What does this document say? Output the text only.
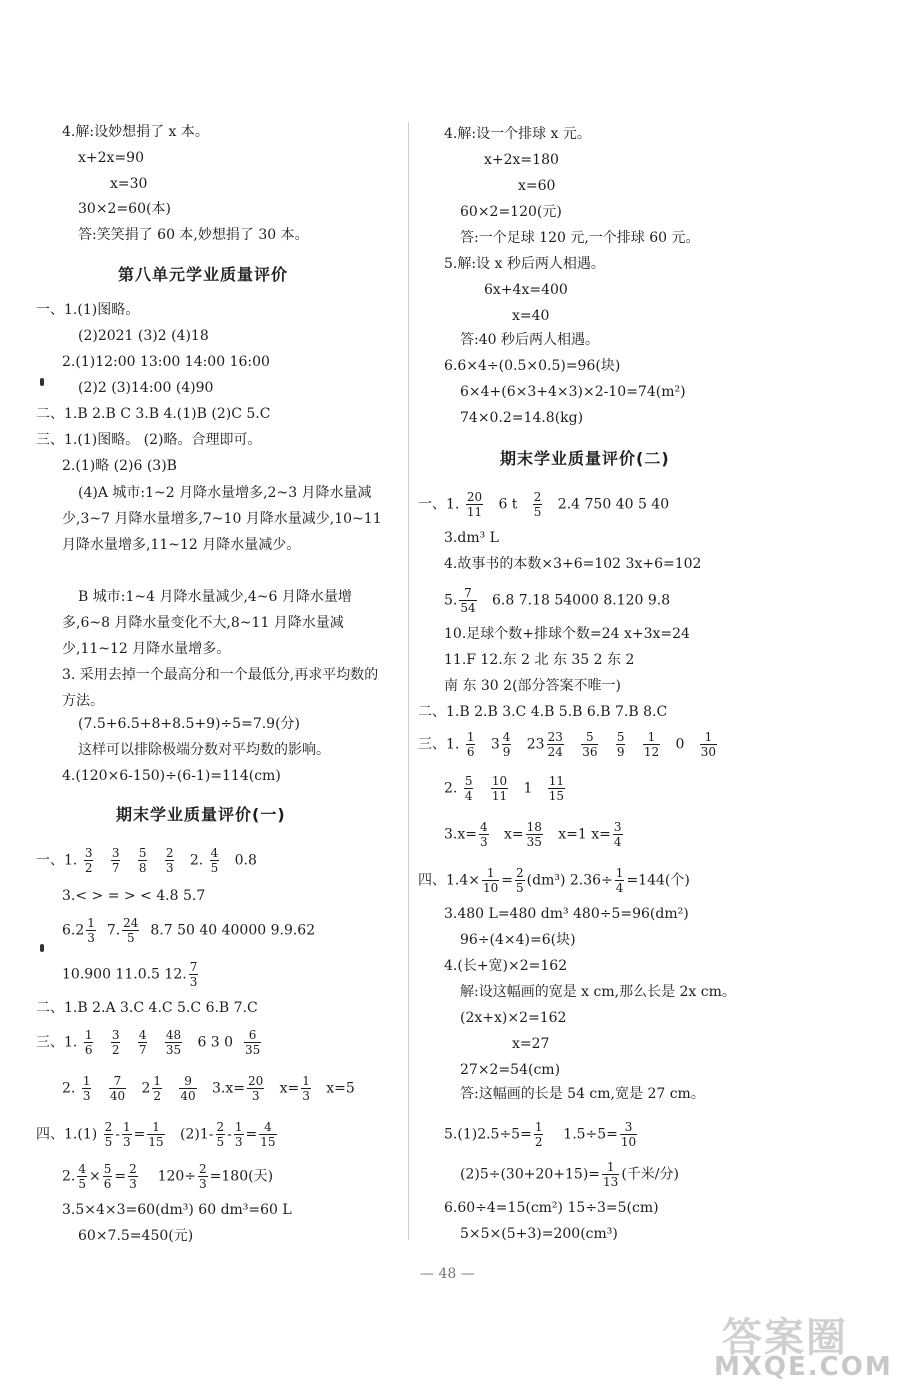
4.解:设妙想捐了 x 本。
x+2x=90
x=30
30×2=60(本)
答:笑笑捐了 60 本,妙想捐了 30 本。
第八单元学业质量评价
一、1.(1)图略。
(2)2021 (3)2 (4)18
2.(1)12:00 13:00 14:00 16:00
(2)2 (3)14:00 (4)90
二、1.B 2.B C 3.B 4.(1)B (2)C 5.C
三、1.(1)图略。 (2)略。合理即可。
2.(1)略 (2)6 (3)B
(4)A 城市:1~2 月降水量增多,2~3 月降水量减少,3~7 月降水量增多,7~10 月降水量减少,10~11 月降水量增多,11~12 月降水量减少。
B 城市:1~4 月降水量减少,4~6 月降水量增多,6~8 月降水量变化不大,8~11 月降水量减少,11~12 月降水量增多。
3. 采用去掉一个最高分和一个最低分,再求平均数的方法。
(7.5+6.5+8+8.5+9)÷5=7.9(分)
这样可以排除极端分数对平均数的影响。
4.(120×6-150)÷(6-1)=114(cm)
期末学业质量评价(一)
一、1. $\frac{3}{2}$
$\frac{3}{7}$
$\frac{5}{8}$
$\frac{2}{3} 2$. $\frac{4}{5} 0.8$
3.< > = > < 4.8 5.7
$6.2 \frac{1}{3} 7$. $\frac{24}{5} 8.7$ 50 40 40000 9.9.62
10.900 11.0.5 12. $\frac{7}{3}$
二、1.B 2.A 3.C 4.C 5.C 6.B 7.C
三、1. $\frac{1}{6}$
$\frac{3}{2}$
$\frac{4}{7}$
$\frac{48}{35} 6$ 3 $0 \frac{6}{35}$
2. $\frac{1}{3}$
$\frac{7}{40} 2 \frac{1}{2}$
$\frac{9}{40} 3.x= \frac{20}{3} x= \frac{1}{3} x=5$
四、$1.(1) \frac{2}{5} - \frac{1}{3} = \frac{1}{15} (2)1- \frac{2}{5} - \frac{1}{3} = \frac{4}{15}$
2. $\frac{4}{5} \times \frac{5}{6} = \frac{2}{3} 120\div \frac{2}{3} =180$(天)
3.5×4×3=60(dm³) 60 dm³=60 L
60×7.5=450(元)
4.解:设一个排球 x 元。
x+2x=180
x=60
60×2=120(元)
答:一个足球 120 元,一个排球 60 元。
5.解:设 x 秒后两人相遇。
6x+4x=400
x=40
答:40 秒后两人相遇。
6.6×4÷(0.5×0.5)=96(块)
6×4+(6×3+4×3)×2-10=74(m²)
74×0.2=14.8(kg)
期末学业质量评价(二)
一、1. $\frac{20}{11} 6$ t $\frac{2}{5} 2.4$ 750 40 5 40
3.dm³ L
4.故事书的本数×3+6=102 3x+6=102
5. $\frac{7}{54} 6.8$ 7.18 54000 8.120 9.8
10.足球个数+排球个数=24 x+3x=24
11.F 12.东 2 北 东 35 2 东 2
南 东 30 2(部分答案不唯一)
二、1.B 2.B 3.C 4.B 5.B 6.B 7.B 8.C
三、1. $\frac{1}{6} 3 \frac{4}{9} 23 \frac{23}{24}$
$\frac{5}{36}$
$\frac{5}{9}$
$\frac{1}{12} 0 \frac{1}{30}$
2. $\frac{5}{4}$
$\frac{10}{11} 1 \frac{11}{15}$
$3.x= \frac{4}{3} x= \frac{18}{35} x=1$ $x= \frac{3}{4}$
四、$1.4\times \frac{1}{10} = \frac{2}{5} (dm^3)$ $2.36\div \frac{1}{4} =144$(个)
3.480 L=480 dm³ 480÷5=96(dm²)
96÷(4×4)=6(块)
4.(长+宽)×2=162
解:设这幅画的宽是 x cm,那么长是 2x cm。
(2x+x)×2=162
x=27
27×2=54(cm)
答:这幅画的长是 54 cm,宽是 27 cm。
$5.(1)2.5\div 5= \frac{1}{2} 1.5\div 5= \frac{3}{10}$
$(2)5\div(30+20+15)= \frac{1}{13}$ (千米/分)
6.60÷4=15(cm²) 15÷3=5(cm)
5×5×(5+3)=200(cm³)
— 48 —
答案圈
MXQE.COM
